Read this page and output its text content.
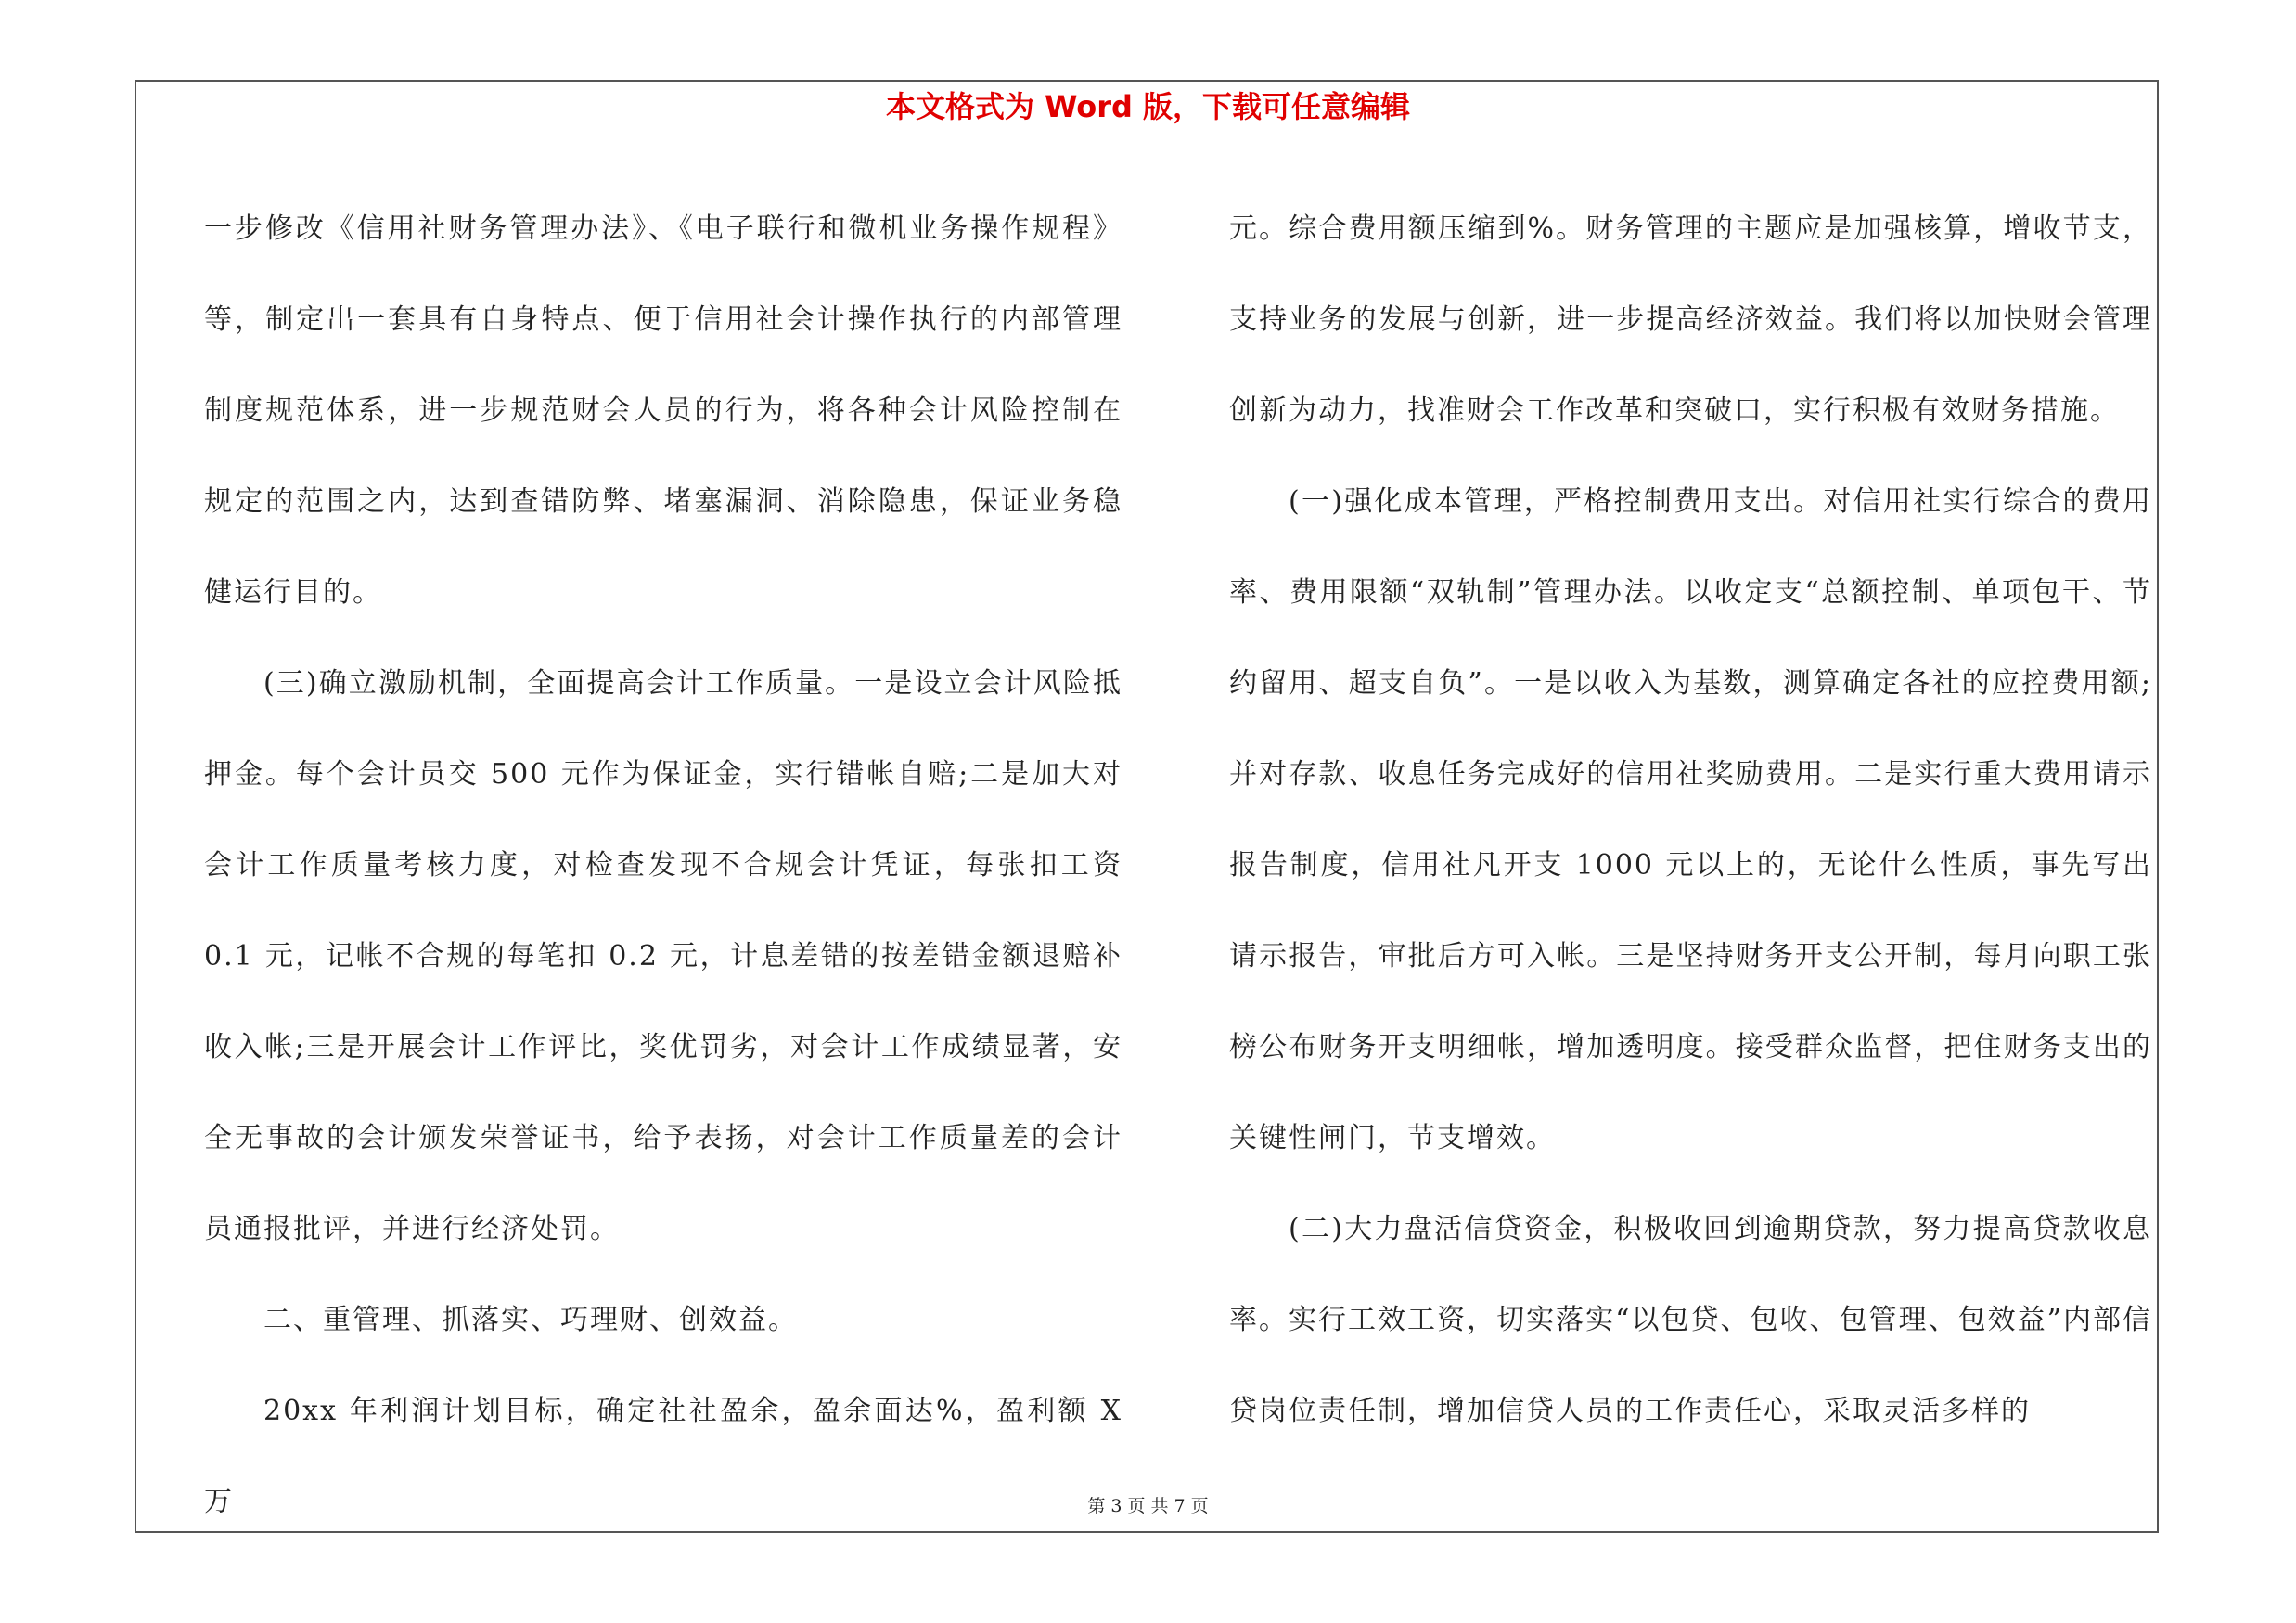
本文格式为 Word 版，下载可任意编辑

一步修改《信用社财务管理办法》、《电子联行和微机业务操作规程》等，制定出一套具有自身特点、便于信用社会计操作执行的内部管理制度规范体系，进一步规范财会人员的行为，将各种会计风险控制在规定的范围之内，达到查错防弊、堵塞漏洞、消除隐患，保证业务稳健运行目的。

(三)确立激励机制，全面提高会计工作质量。一是设立会计风险抵押金。每个会计员交 500 元作为保证金，实行错帐自赔;二是加大对会计工作质量考核力度，对检查发现不合规会计凭证，每张扣工资 0.1 元，记帐不合规的每笔扣 0.2 元，计息差错的按差错金额退赔补收入帐;三是开展会计工作评比，奖优罚劣，对会计工作成绩显著，安全无事故的会计颁发荣誉证书，给予表扬，对会计工作质量差的会计员通报批评，并进行经济处罚。

二、重管理、抓落实、巧理财、创效益。

20xx 年利润计划目标，确定社社盈余，盈余面达%，盈利额 X 万

元。综合费用额压缩到%。财务管理的主题应是加强核算，增收节支，支持业务的发展与创新，进一步提高经济效益。我们将以加快财会管理创新为动力，找准财会工作改革和突破口，实行积极有效财务措施。

(一)强化成本管理，严格控制费用支出。对信用社实行综合的费用率、费用限额“双轨制”管理办法。以收定支“总额控制、单项包干、节约留用、超支自负”。一是以收入为基数，测算确定各社的应控费用额;并对存款、收息任务完成好的信用社奖励费用。二是实行重大费用请示报告制度，信用社凡开支 1000 元以上的，无论什么性质，事先写出请示报告，审批后方可入帐。三是坚持财务开支公开制，每月向职工张榜公布财务开支明细帐，增加透明度。接受群众监督，把住财务支出的关键性闸门，节支增效。

(二)大力盘活信贷资金，积极收回到逾期贷款，努力提高贷款收息率。实行工效工资，切实落实“以包贷、包收、包管理、包效益”内部信贷岗位责任制，增加信贷人员的工作责任心，采取灵活多样的

第 3 页 共 7 页
